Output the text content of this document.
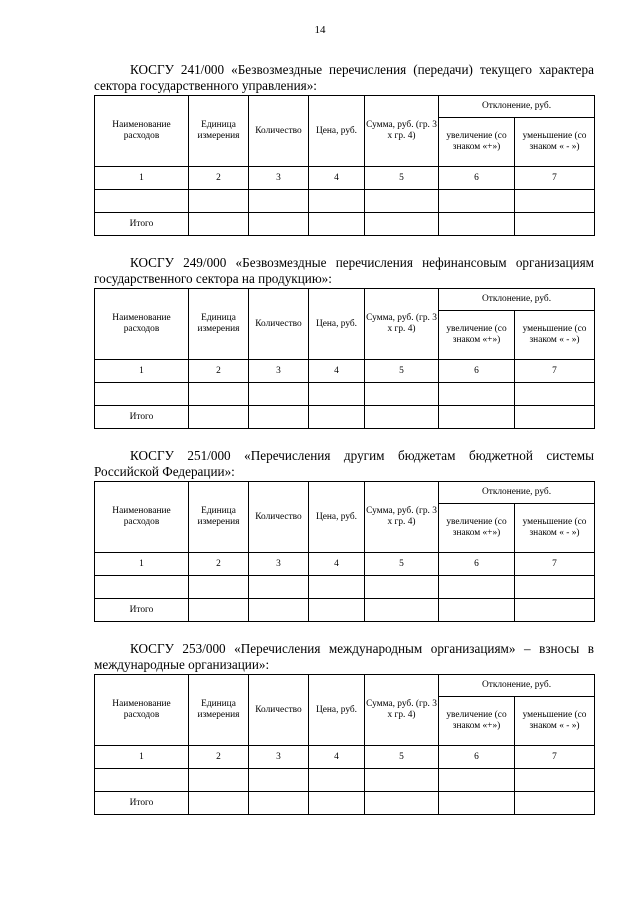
14

КОСГУ 241/000 «Безвозмездные перечисления (передачи) текущего характера сектора государственного управления»:

Наименование расходов	Единица измерения	Количество	Цена, руб.	Сумма, руб. (гр. 3 х гр. 4)	Отклонение, руб.	
					увеличение (со знаком «+»)	уменьшение (со знаком « - »)
1	2	3	4	5	6	7

Итого						

КОСГУ 249/000 «Безвозмездные перечисления нефинансовым организациям государственного сектора на продукцию»:

Наименование расходов	Единица измерения	Количество	Цена, руб.	Сумма, руб. (гр. 3 х гр. 4)	Отклонение, руб.	
					увеличение (со знаком «+»)	уменьшение (со знаком « - »)
1	2	3	4	5	6	7

Итого						

КОСГУ 251/000 «Перечисления другим бюджетам бюджетной системы Российской Федерации»:

Наименование расходов	Единица измерения	Количество	Цена, руб.	Сумма, руб. (гр. 3 х гр. 4)	Отклонение, руб.	
					увеличение (со знаком «+»)	уменьшение (со знаком « - »)
1	2	3	4	5	6	7

Итого						

КОСГУ 253/000 «Перечисления международным организациям» – взносы в международные организации»:

Наименование расходов	Единица измерения	Количество	Цена, руб.	Сумма, руб. (гр. 3 х гр. 4)	Отклонение, руб.	
					увеличение (со знаком «+»)	уменьшение (со знаком « - »)
1	2	3	4	5	6	7

Итого						
